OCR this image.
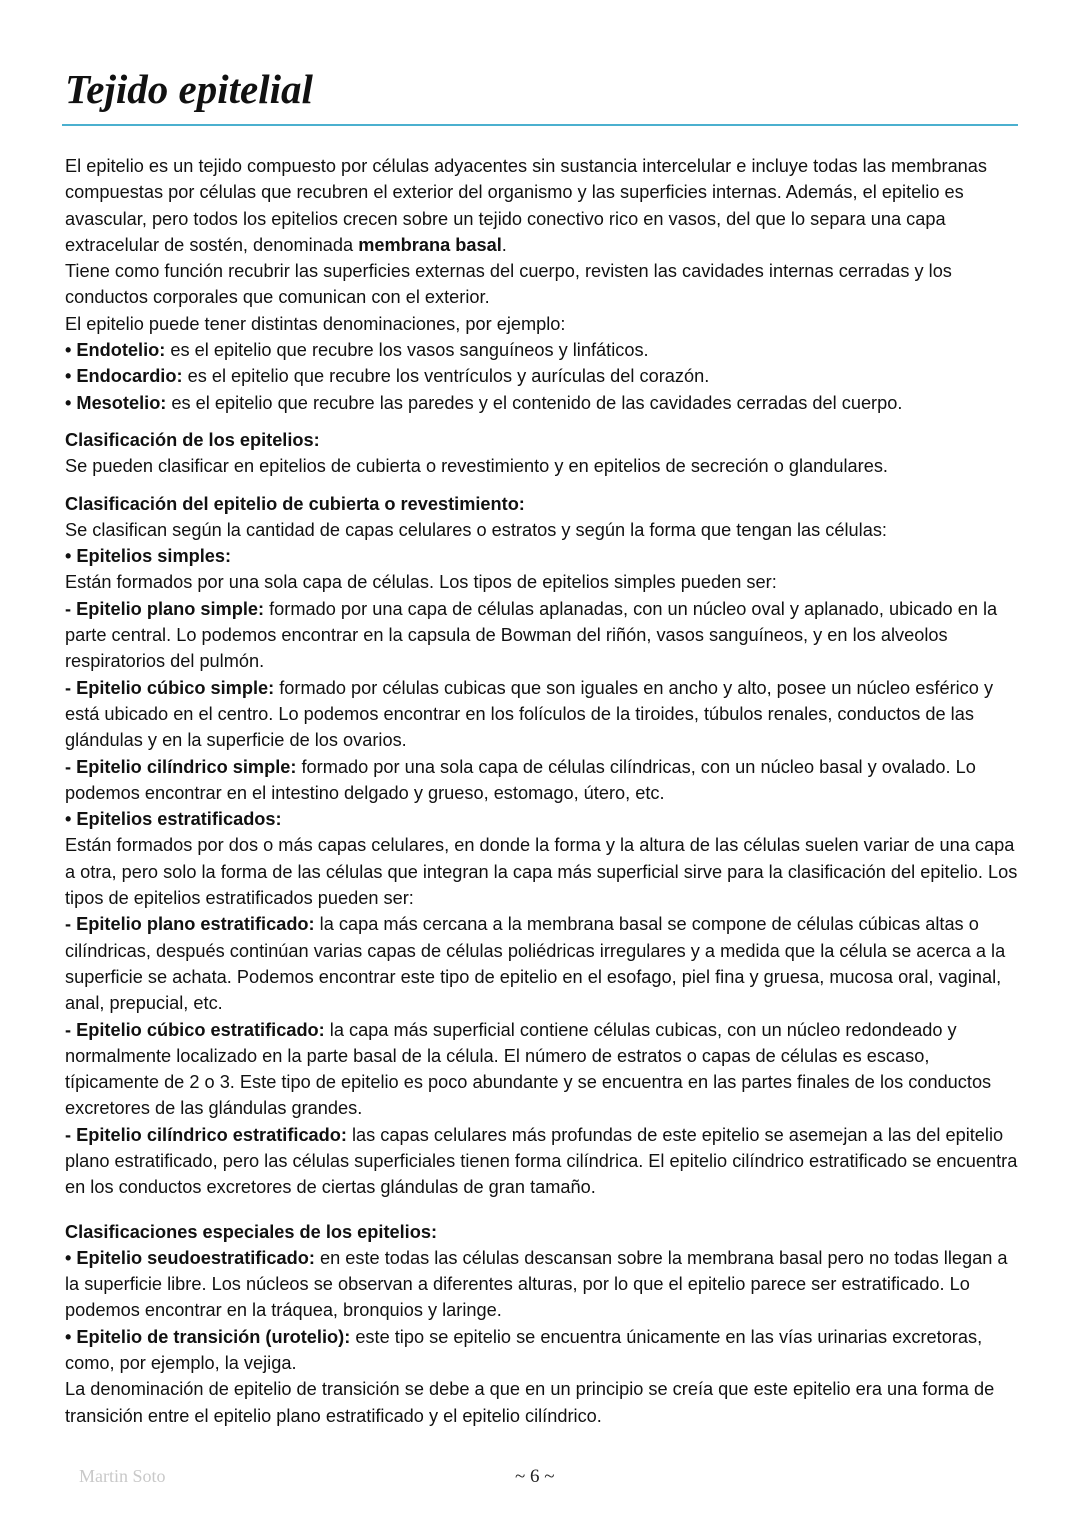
Tejido epitelial

El epitelio es un tejido compuesto por células adyacentes sin sustancia intercelular e incluye todas las membranas compuestas por células que recubren el exterior del organismo y las superficies internas. Además, el epitelio es avascular, pero todos los epitelios crecen sobre un tejido conectivo rico en vasos, del que lo separa una capa extracelular de sostén, denominada membrana basal.

Tiene como función recubrir las superficies externas del cuerpo, revisten las cavidades internas cerradas y los conductos corporales que comunican con el exterior.

El epitelio puede tener distintas denominaciones, por ejemplo:

• Endotelio: es el epitelio que recubre los vasos sanguíneos y linfáticos.

• Endocardio: es el epitelio que recubre los ventrículos y aurículas del corazón.

• Mesotelio: es el epitelio que recubre las paredes y el contenido de las cavidades cerradas del cuerpo.

Clasificación de los epitelios:

Se pueden clasificar en epitelios de cubierta o revestimiento y en epitelios de secreción o glandulares.

Clasificación del epitelio de cubierta o revestimiento:

Se clasifican según la cantidad de capas celulares o estratos y según la forma que tengan las células:

• Epitelios simples:

Están formados por una sola capa de células. Los tipos de epitelios simples pueden ser:

- Epitelio plano simple: formado por una capa de células aplanadas, con un núcleo oval y aplanado, ubicado en la parte central. Lo podemos encontrar en la capsula de Bowman del riñón, vasos sanguíneos, y en los alveolos respiratorios del pulmón.

- Epitelio cúbico simple: formado por células cubicas que son iguales en ancho y alto, posee un núcleo esférico y está ubicado en el centro. Lo podemos encontrar en los folículos de la tiroides, túbulos renales, conductos de las glándulas y en la superficie de los ovarios.

- Epitelio cilíndrico simple: formado por una sola capa de células cilíndricas, con un núcleo basal y ovalado. Lo podemos encontrar en el intestino delgado y grueso, estomago, útero, etc.

• Epitelios estratificados:

Están formados por dos o más capas celulares, en donde la forma y la altura de las células suelen variar de una capa a otra, pero solo la forma de las células que integran la capa más superficial sirve para la clasificación del epitelio. Los tipos de epitelios estratificados pueden ser:

- Epitelio plano estratificado: la capa más cercana a la membrana basal se compone de células cúbicas altas o cilíndricas, después continúan varias capas de células poliédricas irregulares y a medida que la célula se acerca a la superficie se achata. Podemos encontrar este tipo de epitelio en el esofago, piel fina y gruesa, mucosa oral, vaginal, anal, prepucial, etc.

- Epitelio cúbico estratificado: la capa más superficial contiene células cubicas, con un núcleo redondeado y normalmente localizado en la parte basal de la célula. El número de estratos o capas de células es escaso, típicamente de 2 o 3. Este tipo de epitelio es poco abundante y se encuentra en las partes finales de los conductos excretores de las glándulas grandes.

- Epitelio cilíndrico estratificado: las capas celulares más profundas de este epitelio se asemejan a las del epitelio plano estratificado, pero las células superficiales tienen forma cilíndrica. El epitelio cilíndrico estratificado se encuentra en los conductos excretores de ciertas glándulas de gran tamaño.

Clasificaciones especiales de los epitelios:

• Epitelio seudoestratificado: en este todas las células descansan sobre la membrana basal pero no todas llegan a la superficie libre. Los núcleos se observan a diferentes alturas, por lo que el epitelio parece ser estratificado. Lo podemos encontrar en la tráquea, bronquios y laringe.

• Epitelio de transición (urotelio): este tipo se epitelio se encuentra únicamente en las vías urinarias excretoras, como, por ejemplo, la vejiga.

La denominación de epitelio de transición se debe a que en un principio se creía que este epitelio era una forma de transición entre el epitelio plano estratificado y el epitelio cilíndrico.

Martin Soto	~ 6 ~
